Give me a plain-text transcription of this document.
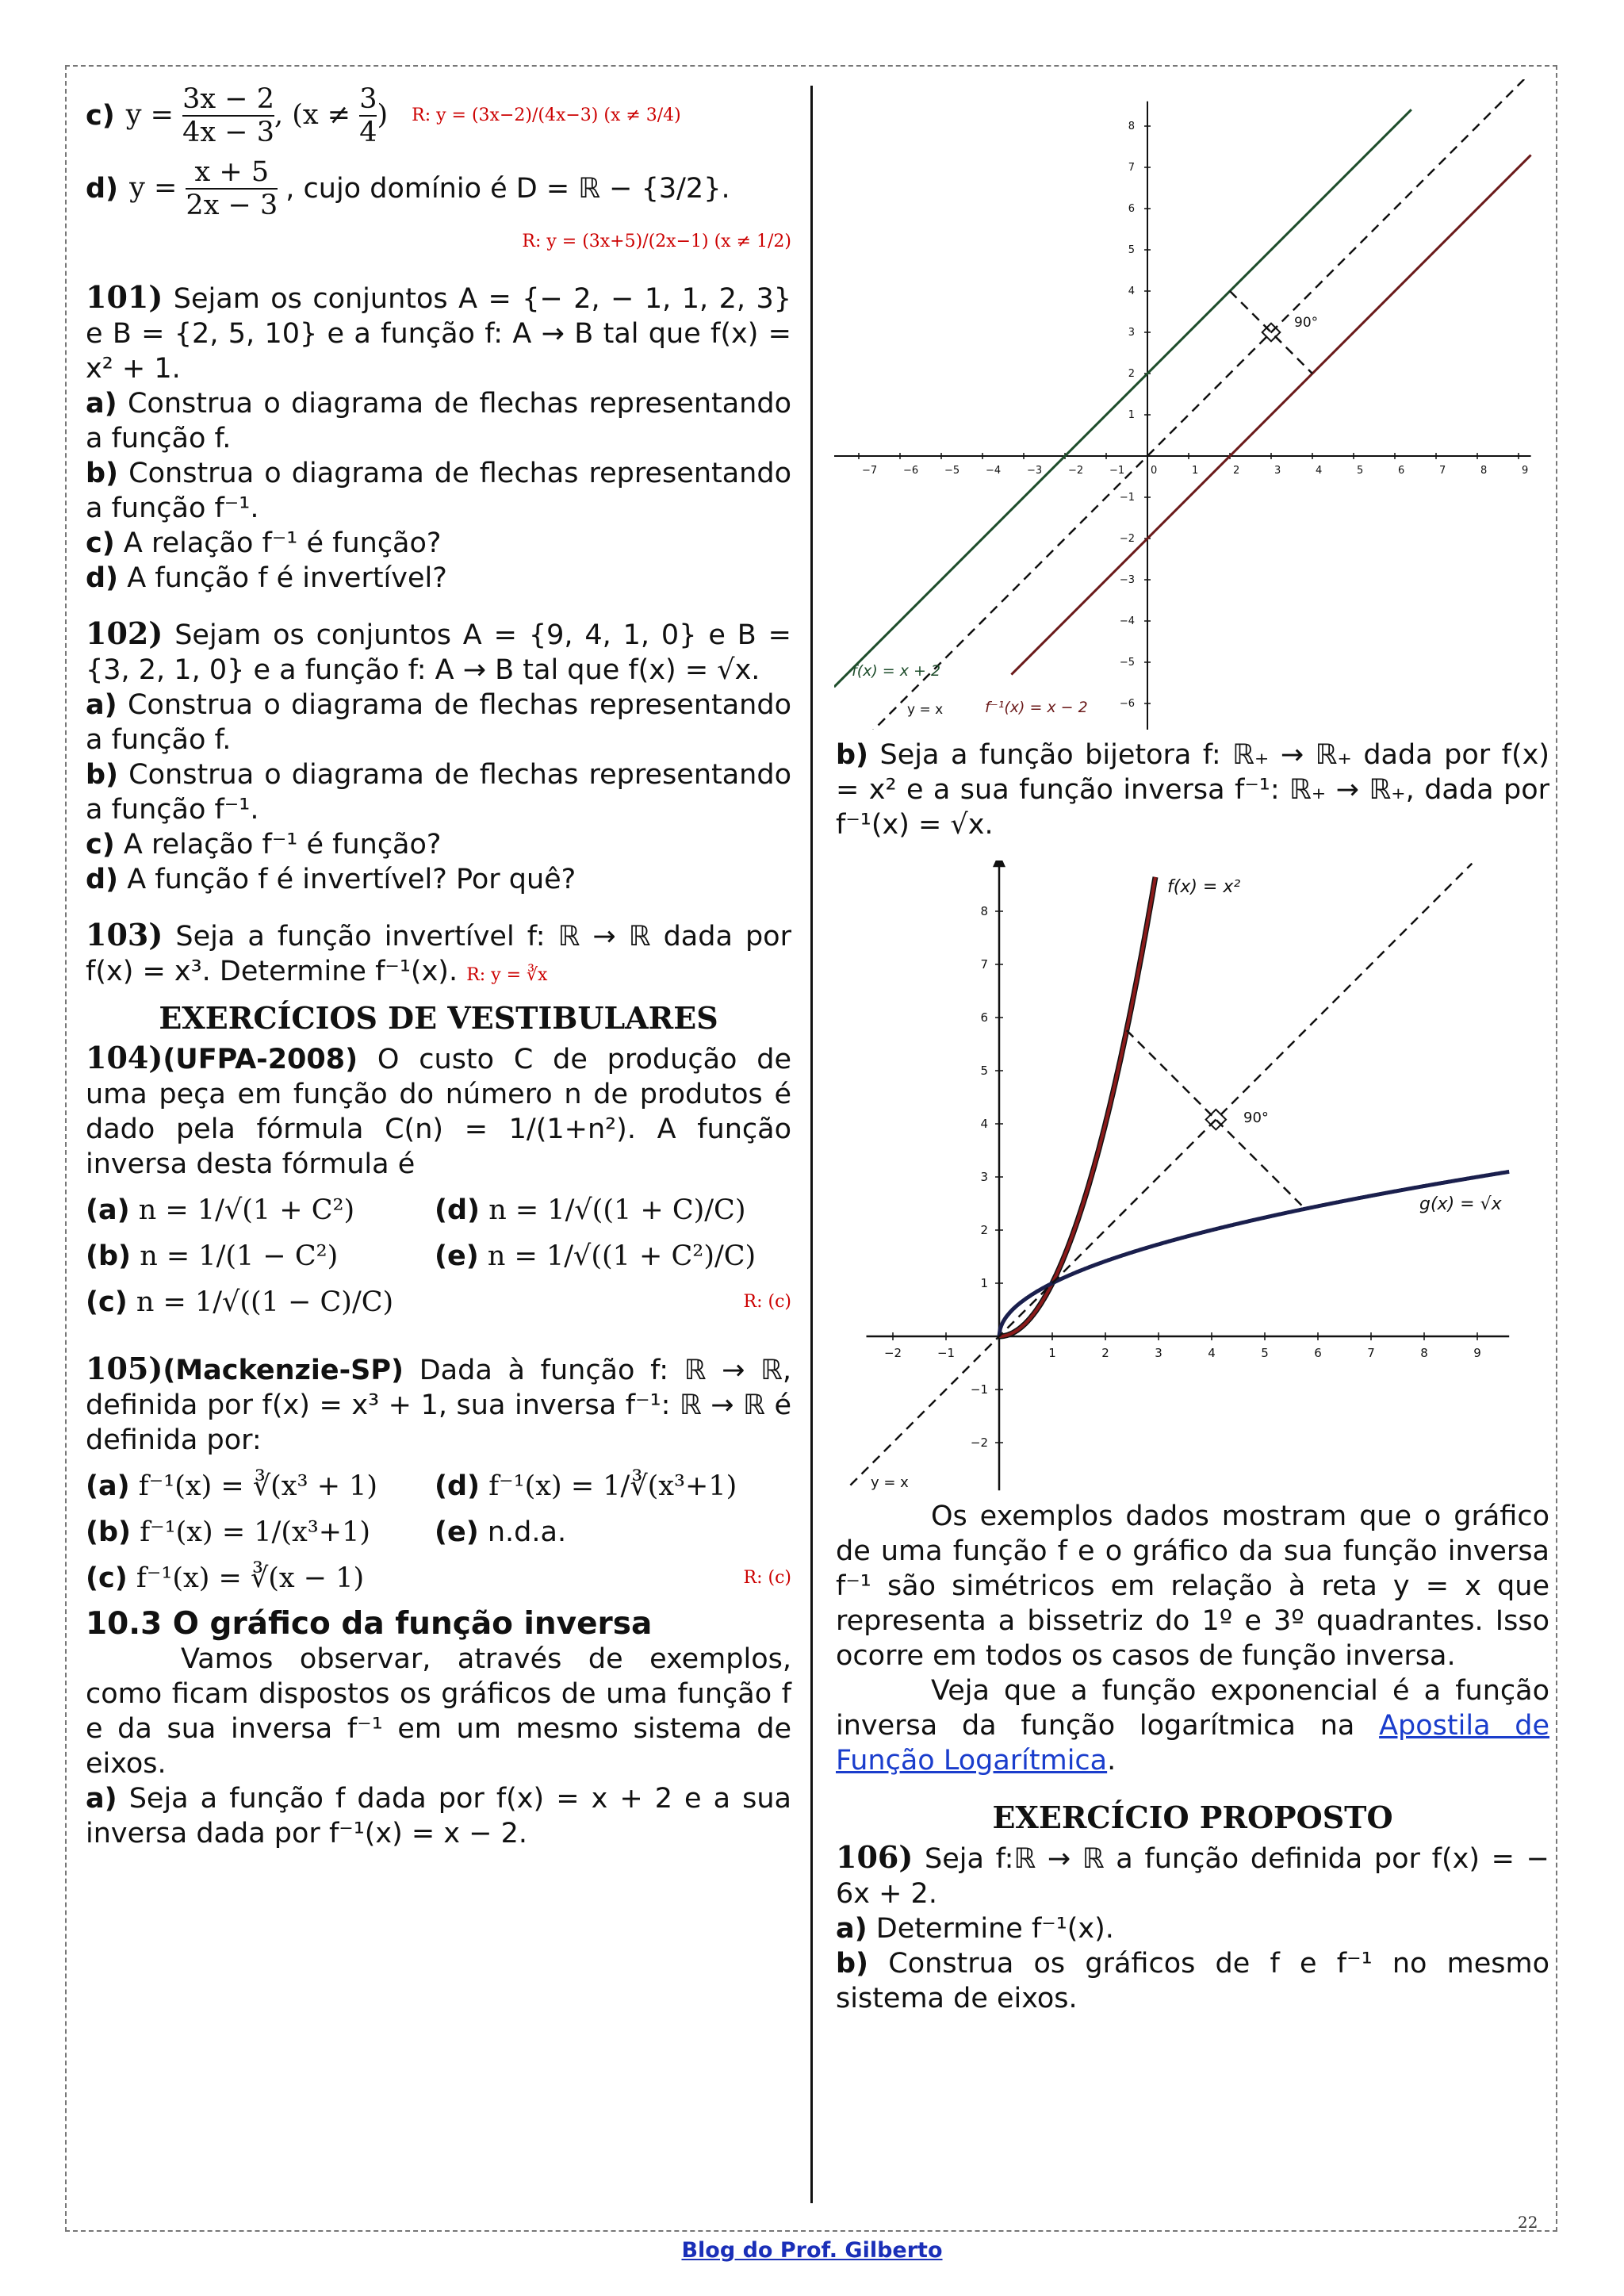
c) $y = \frac{3x - 2}{4x - 3}$ , ($x \ne \frac{3}{4}$ ) R: y = (3x−2)/(4x−3) (x ≠ 3/4)
d) $y = \frac{x + 5}{2x - 3}$ , cujo domínio é D = ℝ − {3/2}.
R: y = (3x+5)/(2x−1) (x ≠ 1/2)

101) Sejam os conjuntos A = {− 2, − 1, 1, 2, 3} e B = {2, 5, 10} e a função f: A → B tal que f(x) = x² + 1.

a) Construa o diagrama de flechas representando a função f.

b) Construa o diagrama de flechas representando a função f⁻¹.

c) A relação f⁻¹ é função?

d) A função f é invertível?

102) Sejam os conjuntos A = {9, 4, 1, 0} e B = {3, 2, 1, 0} e a função f: A → B tal que f(x) = √x.

a) Construa o diagrama de flechas representando a função f.

b) Construa o diagrama de flechas representando a função f⁻¹.

c) A relação f⁻¹ é função?

d) A função f é invertível? Por quê?

103) Seja a função invertível f: ℝ → ℝ dada por f(x) = x³. Determine f⁻¹(x). R: y = ∛x

EXERCÍCIOS DE VESTIBULARES

104)(UFPA-2008) O custo C de produção de uma peça em função do número n de produtos é dado pela fórmula C(n) = 1/(1+n²). A função inversa desta fórmula é

(a) n = 1/√(1 + C²)	(d) n = 1/√((1 + C)/C)
(b) n = 1/(1 − C²)	(e) n = 1/√((1 + C²)/C)
(c) n = 1/√((1 − C)/C)	R: (c)

105)(Mackenzie-SP) Dada à função f: ℝ → ℝ, definida por f(x) = x³ + 1, sua inversa f⁻¹: ℝ → ℝ é definida por:

(a) f⁻¹(x) = ∛(x³ + 1)	(d) f⁻¹(x) = 1/∛(x³+1)
(b) f⁻¹(x) = 1/(x³+1)	(e) n.d.a.
(c) f⁻¹(x) = ∛(x − 1)	R: (c)

10.3 O gráfico da função inversa

Vamos observar, através de exemplos, como ficam dispostos os gráficos de uma função f e da sua inversa f⁻¹ em um mesmo sistema de eixos.

a) Seja a função f dada por f(x) = x + 2 e a sua inversa dada por f⁻¹(x) = x − 2.

−7	−6	−5	−4	−3	−2	−1	0	1	2	3	4	5	6	7	8	9
8
7
6
5
4
3
2
1
−1
−2
−3
−4
−5
−6
f(x) = x + 2
y = x	f⁻¹(x) = x − 2
90°

b) Seja a função bijetora f: ℝ₊ → ℝ₊ dada por f(x) = x² e a sua função inversa f⁻¹: ℝ₊ → ℝ₊, dada por f⁻¹(x) = √x.

−2	−1	1	2	3	4	5	6	7	8	9
8
7
6
5
4
3
2
1
−1
−2
f(x) = x²
g(x) = √x
y = x
90°

Os exemplos dados mostram que o gráfico de uma função f e o gráfico da sua função inversa f⁻¹ são simétricos em relação à reta y = x que representa a bissetriz do 1º e 3º quadrantes. Isso ocorre em todos os casos de função inversa.

Veja que a função exponencial é a função inversa da função logarítmica na Apostila de Função Logarítmica.

EXERCÍCIO PROPOSTO

106) Seja f:ℝ → ℝ a função definida por f(x) = − 6x + 2.

a) Determine f⁻¹(x).

b) Construa os gráficos de f e f⁻¹ no mesmo sistema de eixos.

22
Blog do Prof. Gilberto
